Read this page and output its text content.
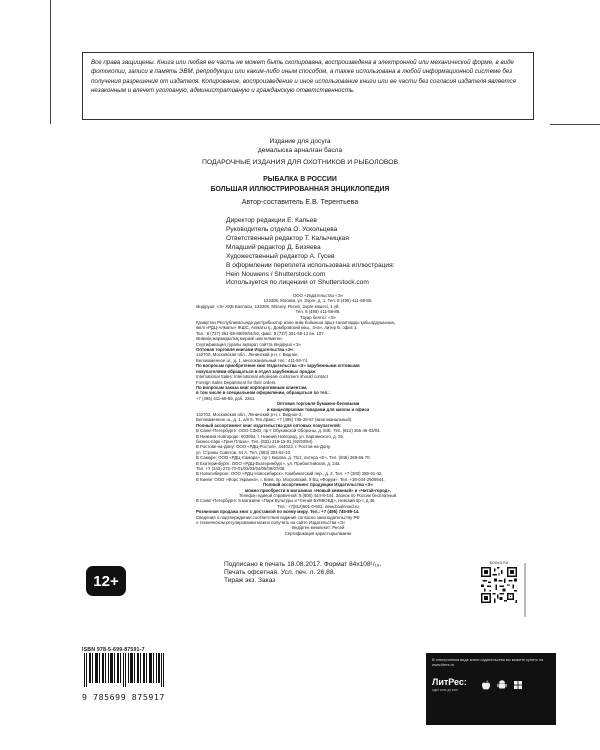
Все права защищены. Книга или любая ее часть не может быть скопирована, воспроизведена в электронной или механической форме, в виде фотокопии, записи в память ЭВМ, репродукции или каким-либо иным способом, а также использована в любой информационной системе без получения разрешения от издателя. Копирование, воспроизведение и иное использование книги или ее части без согласия издателя является незаконным и влечет уголовную, административную и гражданскую ответственность.
Издание для досуга
демалыска арналған басла
ПОДАРОЧНЫЕ ИЗДАНИЯ ДЛЯ ОХОТНИКОВ И РЫБОЛОВОВ
РЫБАЛКА В РОССИИ
БОЛЬШАЯ ИЛЛЮСТРИРОВАННАЯ ЭНЦИКЛОПЕДИЯ
Автор-составитель Е.В. Терентьева
Директор редакции Е. Капьев
Руководитель отдела О. Ускольцева
Ответственный редактор Т. Калычицкая
Младший редактор Д. Бизяева
Художественный редактор А. Гусев
В оформлении переплета использована иллюстрация:
Hein Nouwens / Shutterstock.com
Используется по лицензии от Shutterstock.com
ООО «Издательство «Э»
123308, Москва, ул. Зорге, д. 1. Тел. 8 (495) 411-68-86.
Өндіруші: «Э» АҚБ Баспасы, 123308, Мәскеу, Ресей, Зорге көшесі, 1 үй.
Тел. 8 (495) 411-68-86.
Тауар белгісі: «Э»
Қазақстан Республикасында дистрибьютор және өнім бойынша арыз-талаптарды қабылдаушының
өкілі «РДЦ-Алматы» ЖШС, Алматы қ., Домбровский көш., 3«а», литер Б, офис 1.
Тел.: 8 (727) 251-59-89/90/91/92, факс: 8 (727) 251-58-12 вн. 107.
Өнімнің жарамдылық мерзімі шектелмеген.
Сертификация туралы ақпарат сайтта Өндіруші «Э»
Оптовая торговля книгами Издательства «Э»:
142700, Московская обл., Ленинский р-н, г. Видное,
Белокаменное ш., д. 1, многоканальный тел.: 411-50-74.
По вопросам приобретения книг Издательства «Э» зарубежными оптовыми
покупателями обращаться в отдел зарубежных продаж
International Sales: International wholesale customers should contact
Foreign Sales Department for their orders.
По вопросам заказа книг корпоративным клиентам,
в том числе в специальном оформлении, обращаться по тел.:
+7 (495) 411-68-59, доб. 2261.
Оптовая торговля бумажно-беловыми
и канцелярскими товарами для школы и офиса
142702, Московская обл., Ленинский р-н, г. Видное-2,
Белокаменное ш., д. 1, а/я 5. Тел./факс: +7 (495) 745-28-87 (многоканальный).
Полный ассортимент книг издательства для оптовых покупателей:
В Санкт-Петербурге: ООО СЗКО, пр-т Обуховской Обороны, д. 84Е. Тел. (812) 365-46-03/04.
В Нижнем Новгороде: 603094, г. Нижний Новгород, ул. Карпинского, д. 29,
бизнес-парк «Грин Плаза». Тел. (831) 216-15-91 (92/93/94).
В Ростове-на-Дону: ООО «РДЦ-Ростов», 344023, г. Ростов-на-Дону,
ул. Страны Советов, 44 А. Тел. (863) 303-62-10.
В Самаре: ООО «РДЦ-Самара», пр-т Кирова, д. 75/1, литера «Е». Тел. (846) 269-66-70.
В Екатеринбурге: ООО «РДЦ-Екатеринбург», ул. Прибалтийская, д. 24а.
Тел. +7 (343) 272-72-01/02/03/04/05/06/07/08.
В Новосибирске: ООО «РДЦ-Новосибирск», Комбинатский пер., д. 3. Тел. +7 (383) 289-91-42.
В Киеве: ООО «Форс Украина», г. Киев, пр. Московский, 9 БЦ «Форум». Тел. +38-044-2909944.
Полный ассортимент продукции Издательства «Э»
можно приобрести в магазинах «Новый книжный» и «Читай-город».
Телефон единой справочной: 8 (800) 444-8-444. Звонок по России бесплатный.
В Санкт-Петербурге: в магазине «Парк Культуры и Чтения БУКВОЕД», Невский пр-т, д.46.
Тел.: +7(812)601-0-601, www.bookvoed.ru
Розничная продажа книг с доставкой по всему миру. Тел.: +7 (495) 745-89-14.
Сведения о подтверждении соответствия издания согласно законодательству РФ
о техническом регулировании можно получить на сайте Издательства «Э»
Өндірген мемлекет: Ресей
Сертификация қарастырылмаған
12+
Подписано в печать 18.08.2017. Формат 84x108¹/₁₆.
Печать офсетная. Усл. печ. л. 26,88.
Тираж экз. Заказ
BOOKS.RU
ISBN 978-5-699-87591-7
9 785699 875917
В электронном виде книги издательства вы можете купить на www.litres.ru
ЛитРес:
один клик до книг
